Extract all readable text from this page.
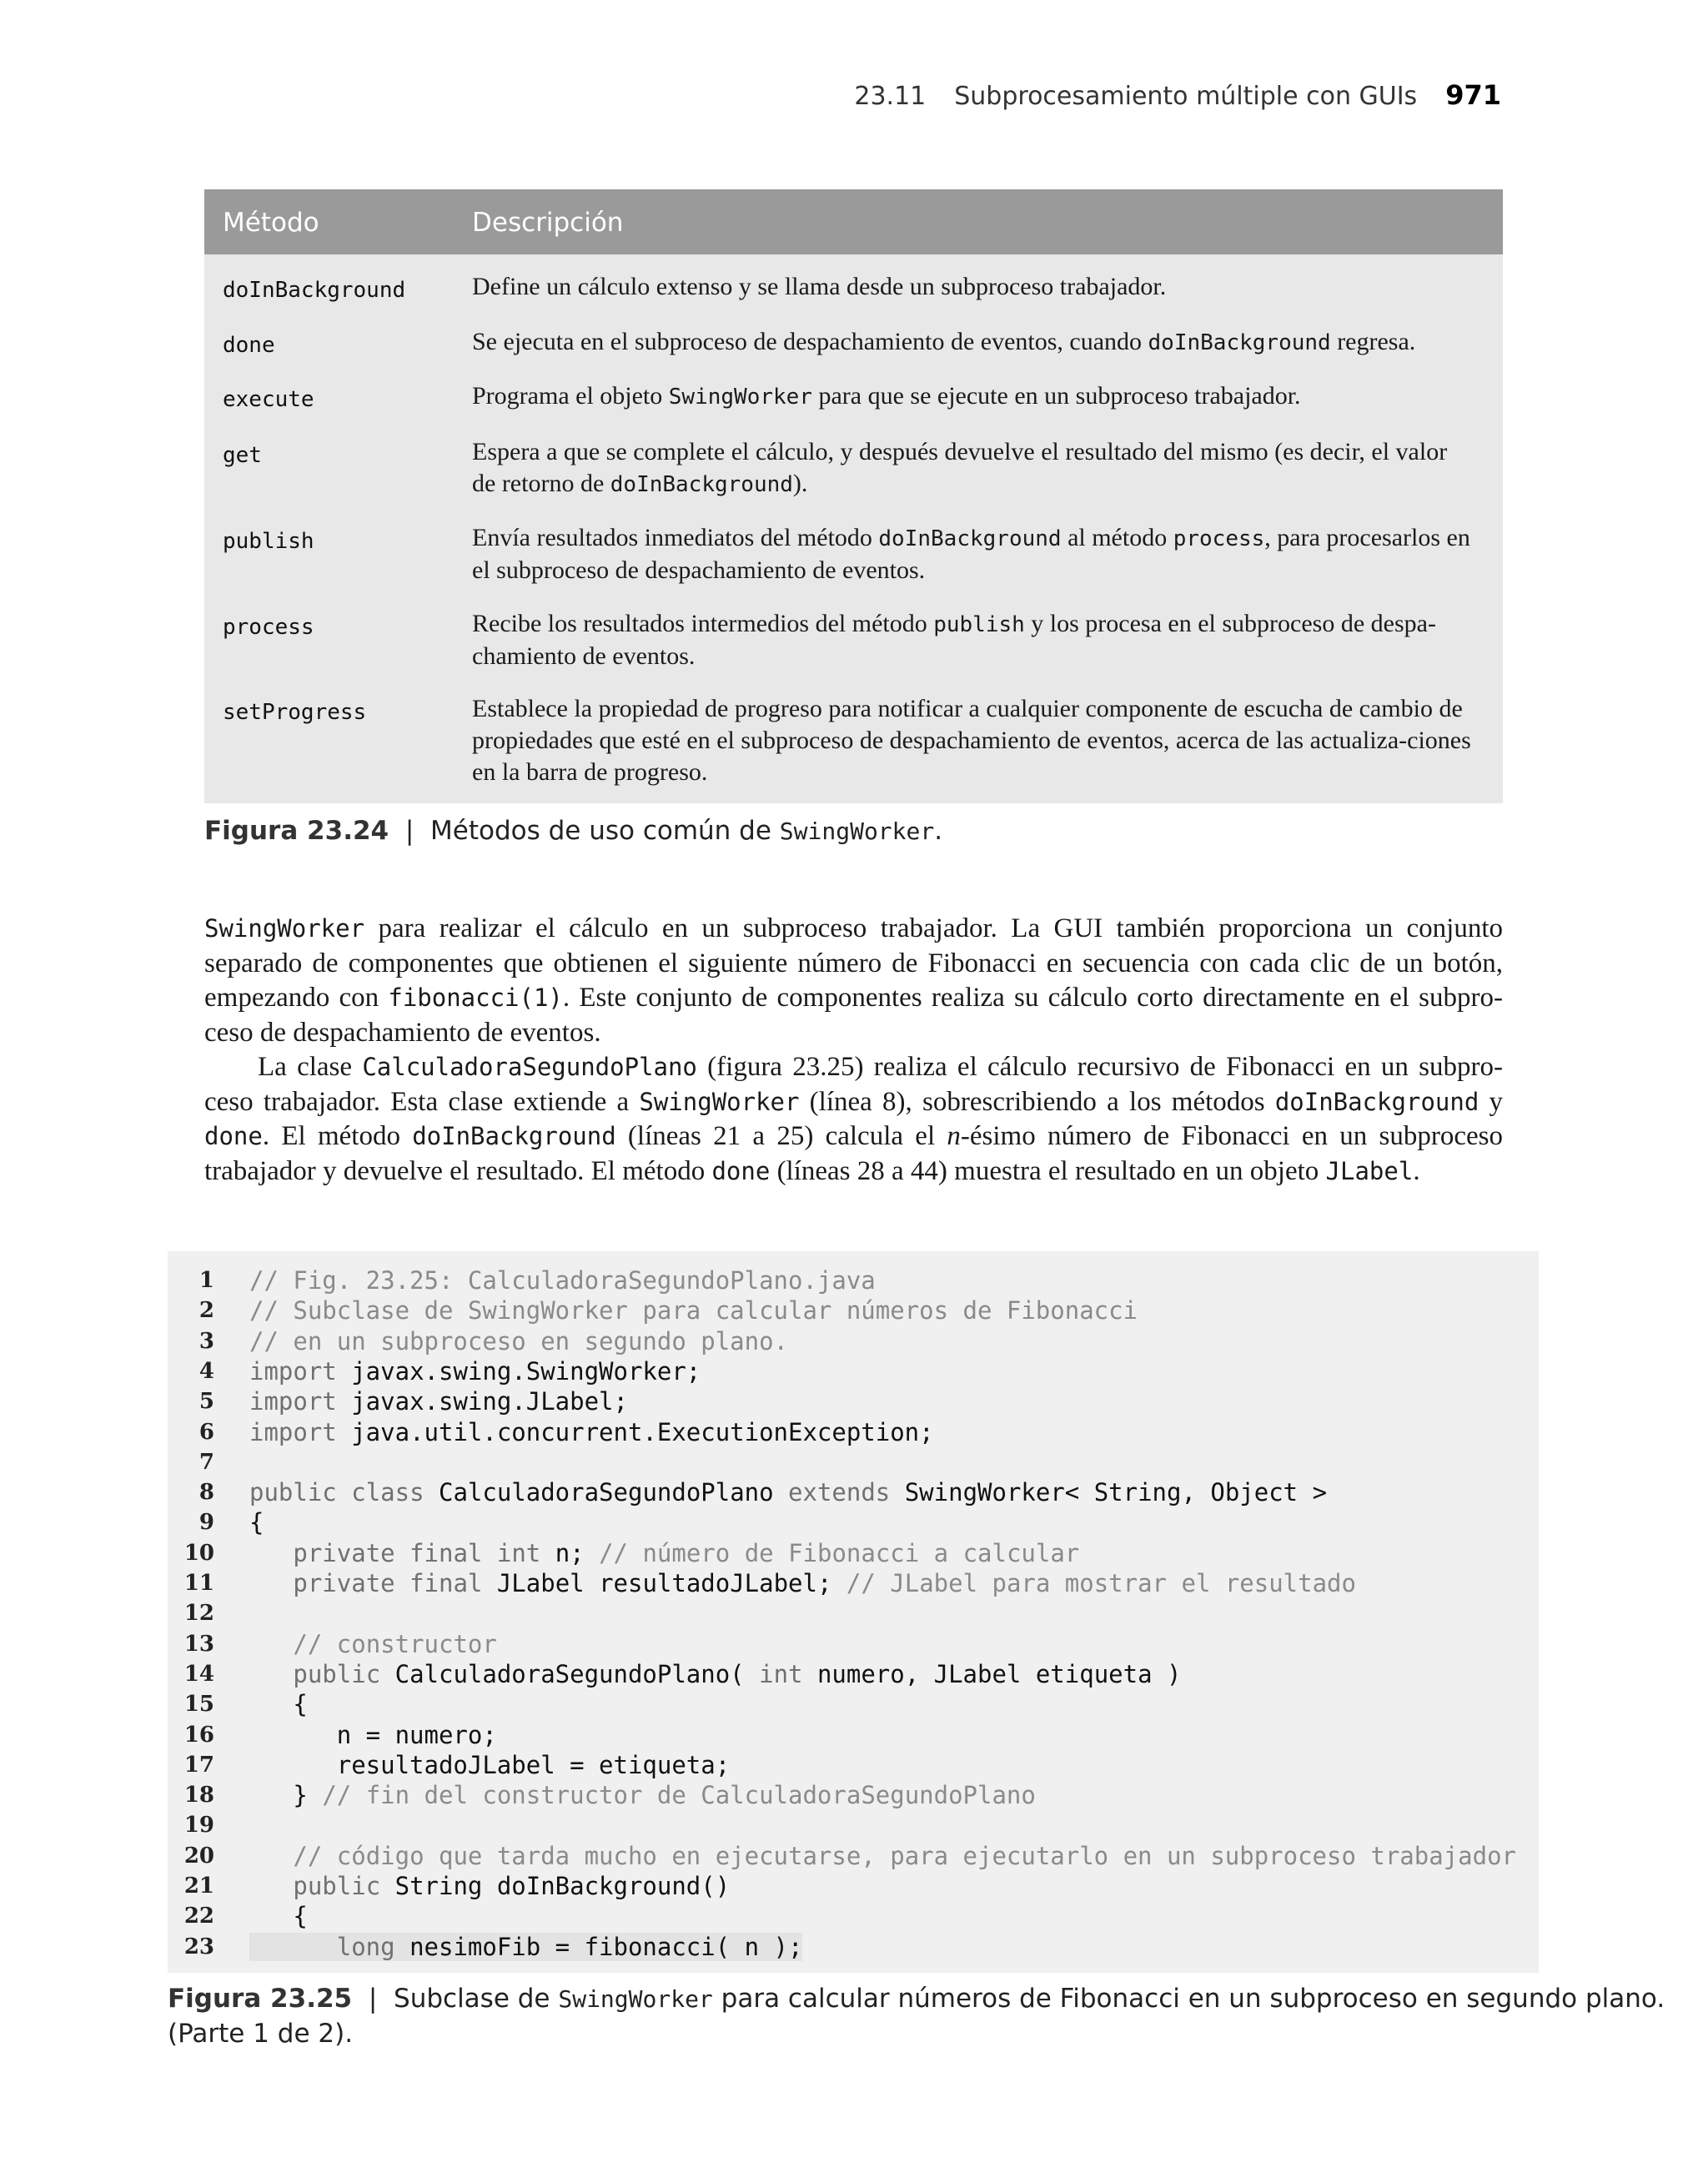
23.11 Subprocesamiento múltiple con GUIs 971
Método	Descripción
doInBackground	Define un cálculo extenso y se llama desde un subproceso trabajador.
done	Se ejecuta en el subproceso de despachamiento de eventos, cuando doInBackground regresa.
execute	Programa el objeto SwingWorker para que se ejecute en un subproceso trabajador.
get	Espera a que se complete el cálculo, y después devuelve el resultado del mismo (es decir, el valor de retorno de doInBackground).
publish	Envía resultados inmediatos del método doInBackground al método process, para procesarlos en el subproceso de despachamiento de eventos.
process	Recibe los resultados intermedios del método publish y los procesa en el subproceso de despa-chamiento de eventos.
setProgress	Establece la propiedad de progreso para notificar a cualquier componente de escucha de cambio de propiedades que esté en el subproceso de despachamiento de eventos, acerca de las actualiza-ciones en la barra de progreso.
Figura 23.24 | Métodos de uso común de SwingWorker.

SwingWorker para realizar el cálculo en un subproceso trabajador. La GUI también proporciona un conjunto separado de componentes que obtienen el siguiente número de Fibonacci en secuencia con cada clic de un botón, empezando con fibonacci(1). Este conjunto de componentes realiza su cálculo corto directamente en el subpro-ceso de despachamiento de eventos.

La clase CalculadoraSegundoPlano (figura 23.25) realiza el cálculo recursivo de Fibonacci en un subpro-ceso trabajador. Esta clase extiende a SwingWorker (línea 8), sobrescribiendo a los métodos doInBackground y done. El método doInBackground (líneas 21 a 25) calcula el n-ésimo número de Fibonacci en un subproceso trabajador y devuelve el resultado. El método done (líneas 28 a 44) muestra el resultado en un objeto JLabel.

1 // Fig. 23.25: CalculadoraSegundoPlano.java
2 // Subclase de SwingWorker para calcular números de Fibonacci
3 // en un subproceso en segundo plano.
4 import javax.swing.SwingWorker;
5 import javax.swing.JLabel;
6 import java.util.concurrent.ExecutionException;
7
8 public class CalculadoraSegundoPlano extends SwingWorker< String, Object >
9 {
10	private final int n; // número de Fibonacci a calcular
11	private final JLabel resultadoJLabel; // JLabel para mostrar el resultado
12
13	// constructor
14	public CalculadoraSegundoPlano( int numero, JLabel etiqueta )
15 {
16 n = numero;
17 resultadoJLabel = etiqueta;
18 } // fin del constructor de CalculadoraSegundoPlano
19
20	// código que tarda mucho en ejecutarse, para ejecutarlo en un subproceso trabajador
21	public String doInBackground()
22 {
23	long nesimoFib = fibonacci( n );
Figura 23.25 | Subclase de SwingWorker para calcular números de Fibonacci en un subproceso en segundo plano.
(Parte 1 de 2).
